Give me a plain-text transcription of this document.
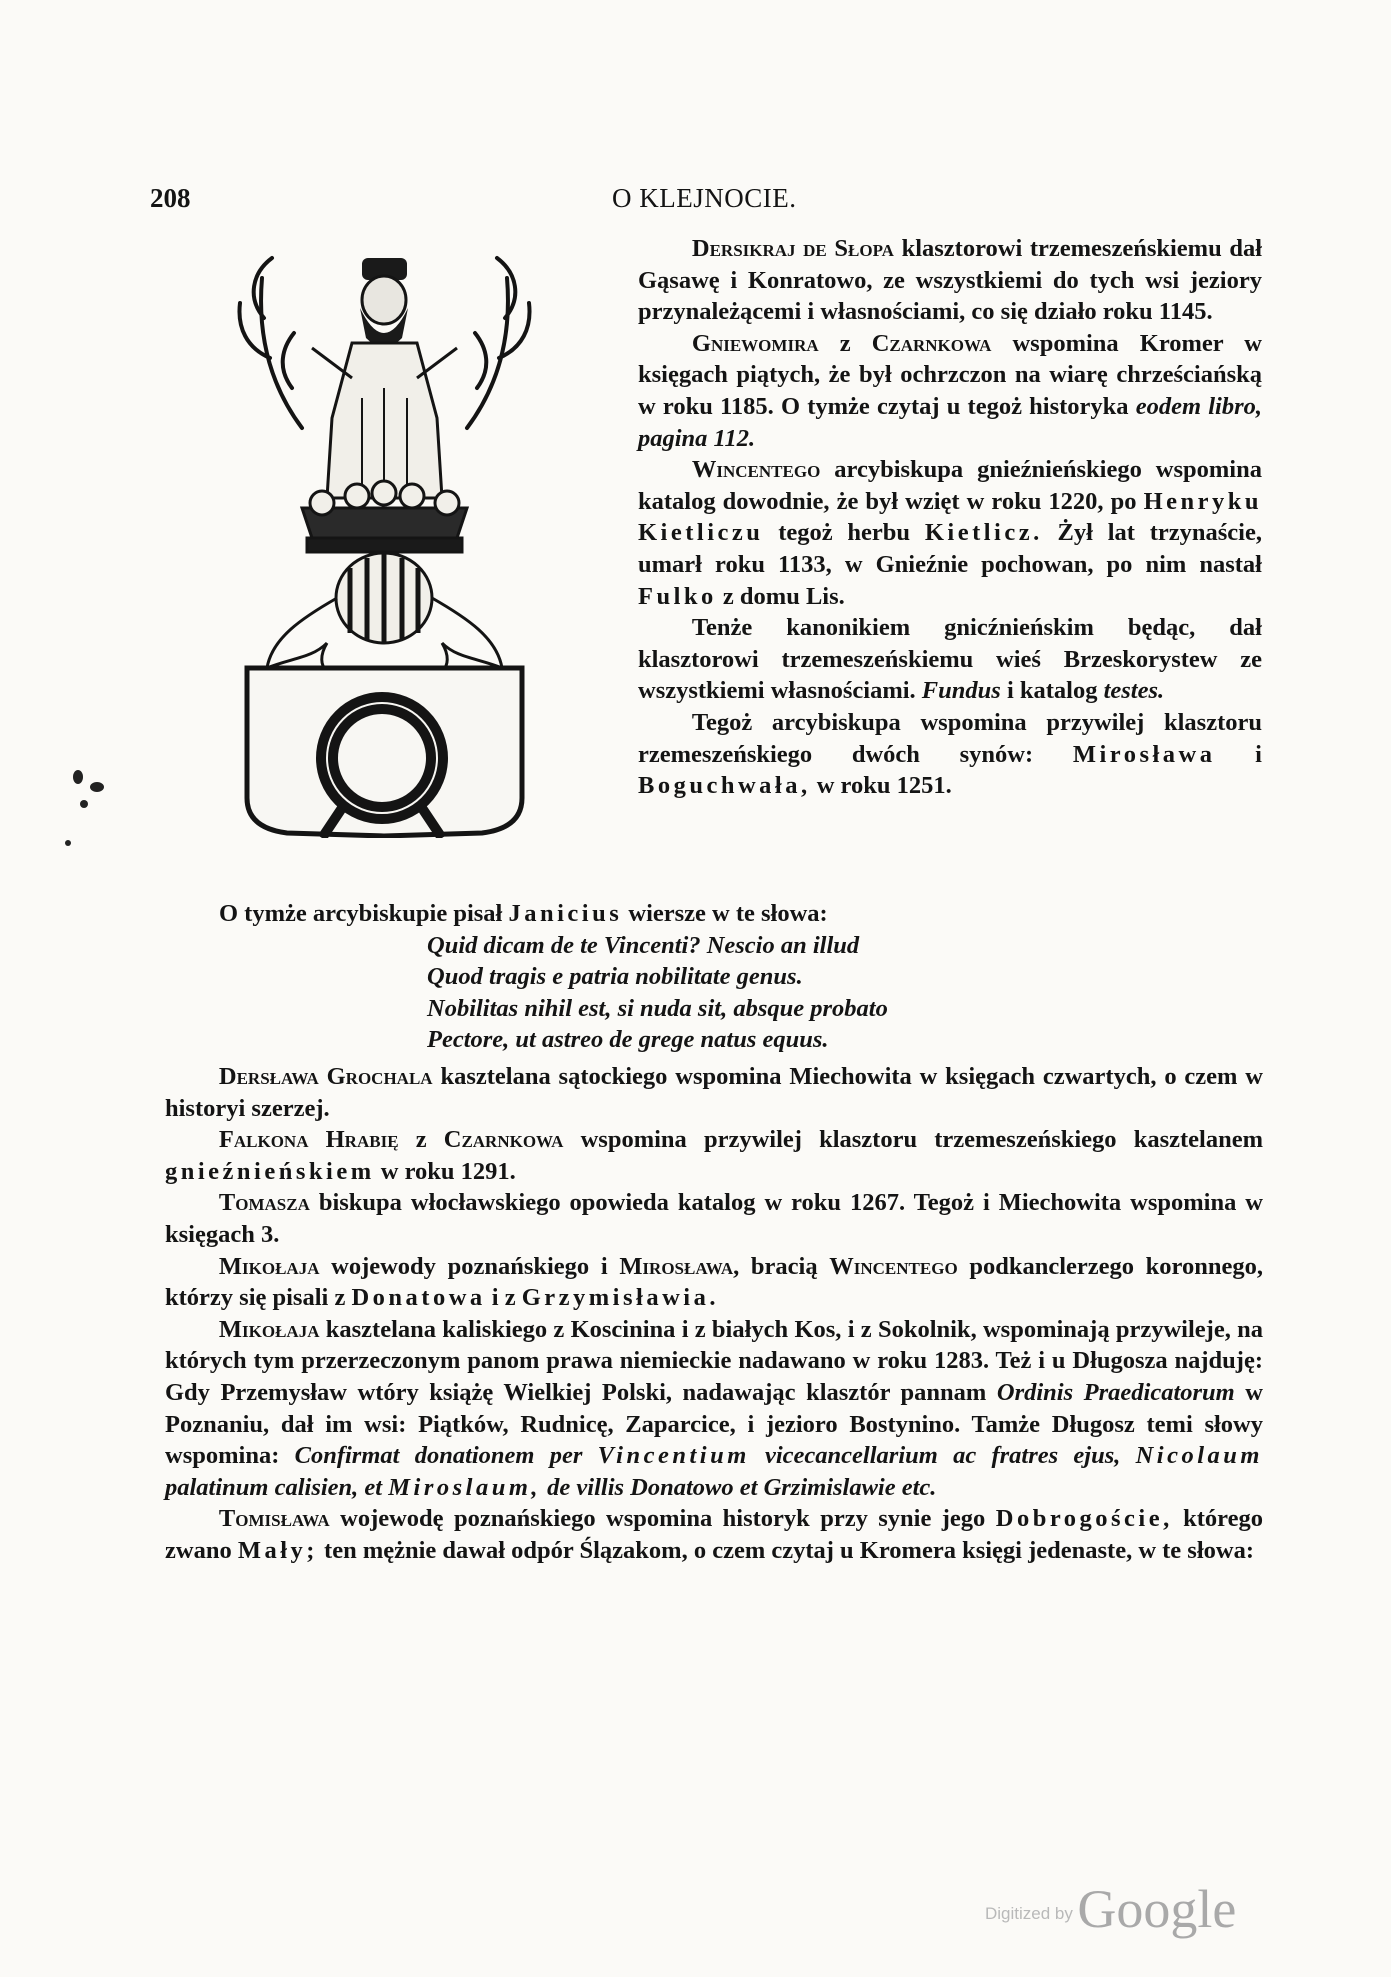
208	O KLEJNOCIE.

Dersikraj de Słopa klasztorowi trzemeszeńskiemu dał Gąsawę i Konratowo, ze wszystkiemi do tych wsi jeziory przynależącemi i własnościami, co się działo roku 1145.

Gniewomira z Czarnkowa wspomina Kromer w księgach piątych, że był ochrzczon na wiarę chrześciańską w roku 1185. O tymże czytaj u tegoż historyka eodem libro, pagina 112.

Wincentego arcybiskupa gnieźnieńskiego wspomina katalog dowodnie, że był wzięt w roku 1220, po Henryku Kietliczu tegoż herbu Kietlicz. Żył lat trzynaście, umarł roku 1133, w Gnieźnie pochowan, po nim nastał Fulko z domu Lis.

Tenże kanonikiem gnicźnieńskim będąc, dał klasztorowi trzemeszeńskiemu wieś Brzeskorystew ze wszystkiemi własnościami. Fundus i katalog testes.

Tegoż arcybiskupa wspomina przywilej klasztoru rzemeszeńskiego dwóch synów: Mirosława i Boguchwała, w roku 1251.

O tymże arcybiskupie pisał Janicius wiersze w te słowa:

Quid dicam de te Vincenti? Nescio an illud

Quod tragis e patria nobilitate genus.

Nobilitas nihil est, si nuda sit, absque probato

Pectore, ut astreo de grege natus equus.

Dersława Grochala kasztelana sątockiego wspomina Miechowita w księgach czwartych, o czem w historyi szerzej.

Falkona Hrabię z Czarnkowa wspomina przywilej klasztoru trzemeszeńskiego kasztelanem gnieźnieńskiem w roku 1291.

Tomasza biskupa włocławskiego opowieda katalog w roku 1267. Tegoż i Miechowita wspomina w księgach 3.

Mikołaja wojewody poznańskiego i Mirosława, bracią Wincentego podkanclerzego koronnego, którzy się pisali z Donatowa i z Grzymisławia.

Mikołaja kasztelana kaliskiego z Koscinina i z białych Kos, i z Sokolnik, wspominają przywileje, na których tym przerzeczonym panom prawa niemieckie nadawano w roku 1283. Też i u Długosza najduję: Gdy Przemysław wtóry książę Wielkiej Polski, nadawając klasztór pannam Ordinis Praedicatorum w Poznaniu, dał im wsi: Piątków, Rudnicę, Zaparcice, i jezioro Bostynino. Tamże Długosz temi słowy wspomina: Confirmat donationem per Vincentium vicecancellarium ac fratres ejus, Nicolaum palatinum calisien, et Miroslaum, de villis Donatowo et Grzimislawie etc.

Tomisława wojewodę poznańskiego wspomina historyk przy synie jego Dobrogoście, którego zwano Mały; ten mężnie dawał odpór Ślązakom, o czem czytaj u Kromera księgi jedenaste, w te słowa:

Digitized by Google
